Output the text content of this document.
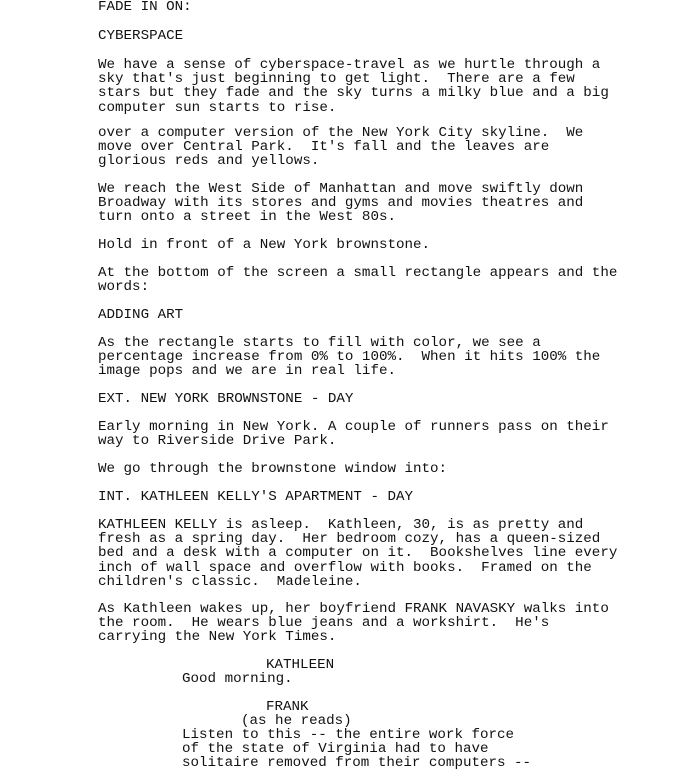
FADE IN ON:
CYBERSPACE
We have a sense of cyberspace-travel as we hurtle through a
sky that's just beginning to get light.  There are a few
stars but they fade and the sky turns a milky blue and a big
computer sun starts to rise.
over a computer version of the New York City skyline.  We
move over Central Park.  It's fall and the leaves are
glorious reds and yellows.
We reach the West Side of Manhattan and move swiftly down
Broadway with its stores and gyms and movies theatres and
turn onto a street in the West 80s.
Hold in front of a New York brownstone.
At the bottom of the screen a small rectangle appears and the
words:
ADDING ART
As the rectangle starts to fill with color, we see a
percentage increase from 0% to 100%.  When it hits 100% the
image pops and we are in real life.
EXT. NEW YORK BROWNSTONE - DAY
Early morning in New York. A couple of runners pass on their
way to Riverside Drive Park.
We go through the brownstone window into:
INT. KATHLEEN KELLY'S APARTMENT - DAY
KATHLEEN KELLY is asleep.  Kathleen, 30, is as pretty and
fresh as a spring day.  Her bedroom cozy, has a queen-sized
bed and a desk with a computer on it.  Bookshelves line every
inch of wall space and overflow with books.  Framed on the
children's classic.  Madeleine.
As Kathleen wakes up, her boyfriend FRANK NAVASKY walks into
the room.  He wears blue jeans and a workshirt.  He's
carrying the New York Times.
KATHLEEN
Good morning.
FRANK
(as he reads)
Listen to this -- the entire work force
of the state of Virginia had to have
solitaire removed from their computers --
